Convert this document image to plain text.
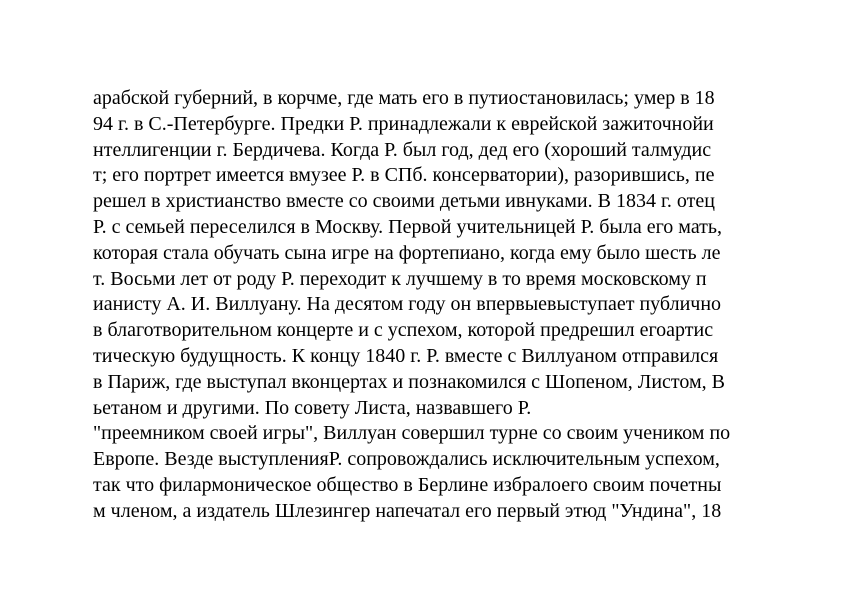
арабской губерний, в корчме, где мать его в путиостановилась; умер в 18
94 г. в С.-Петербурге. Предки Р. принадлежали к еврейской зажиточнойи
нтеллигенции г. Бердичева. Когда Р. был год, дед его (хороший талмудис
т; его портрет имеется вмузее Р. в СПб. консерватории), разорившись, пе
решел в христианство вместе со своими детьми ивнуками. В 1834 г. отец
Р. с семьей переселился в Москву. Первой учительницей Р. была его мать,
которая стала обучать сына игре на фортепиано, когда ему было шесть ле
т. Восьми лет от роду Р. переходит к лучшему в то время московскому п
ианисту А. И. Виллуану. На десятом году он впервыевыступает публично
в благотворительном концерте и с успехом, которой предрешил егоартис
тическую будущность. К концу 1840 г. Р. вместе с Виллуаном отправился
в Париж, где выступал вконцертах и познакомился с Шопеном, Листом, В
ьетаном и другими. По совету Листа, назвавшего Р.
"преемником своей игры", Виллуан совершил турне со своим учеником по
Европе. Везде выступленияР. сопровождались исключительным успехом,
так что филармоническое общество в Берлине избралоего своим почетны
м членом, а издатель Шлезингер напечатал его первый этюд "Ундина", 18
